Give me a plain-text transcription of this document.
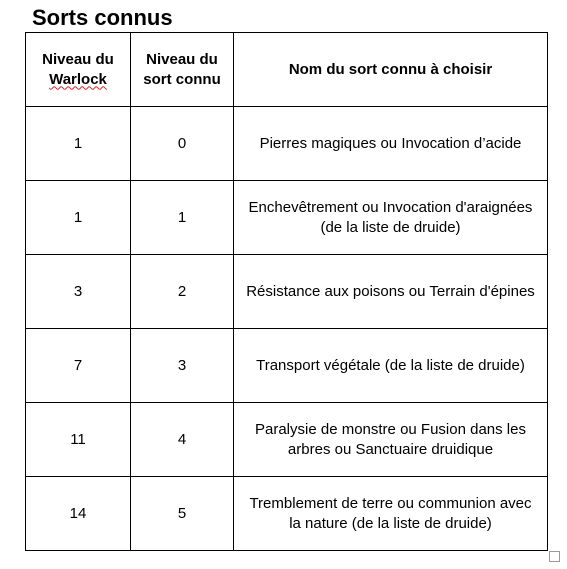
Sorts connus
Niveau du
Warlock	Niveau du sort connu	Nom du sort connu à choisir
1	0	Pierres magiques ou Invocation d’acide
1	1	Enchevêtrement ou Invocation d'araignées (de la liste de druide)
3	2	Résistance aux poisons ou Terrain d'épines
7	3	Transport végétale (de la liste de druide)
11	4	Paralysie de monstre ou Fusion dans les arbres ou Sanctuaire druidique
14	5	Tremblement de terre ou communion avec la nature (de la liste de druide)
